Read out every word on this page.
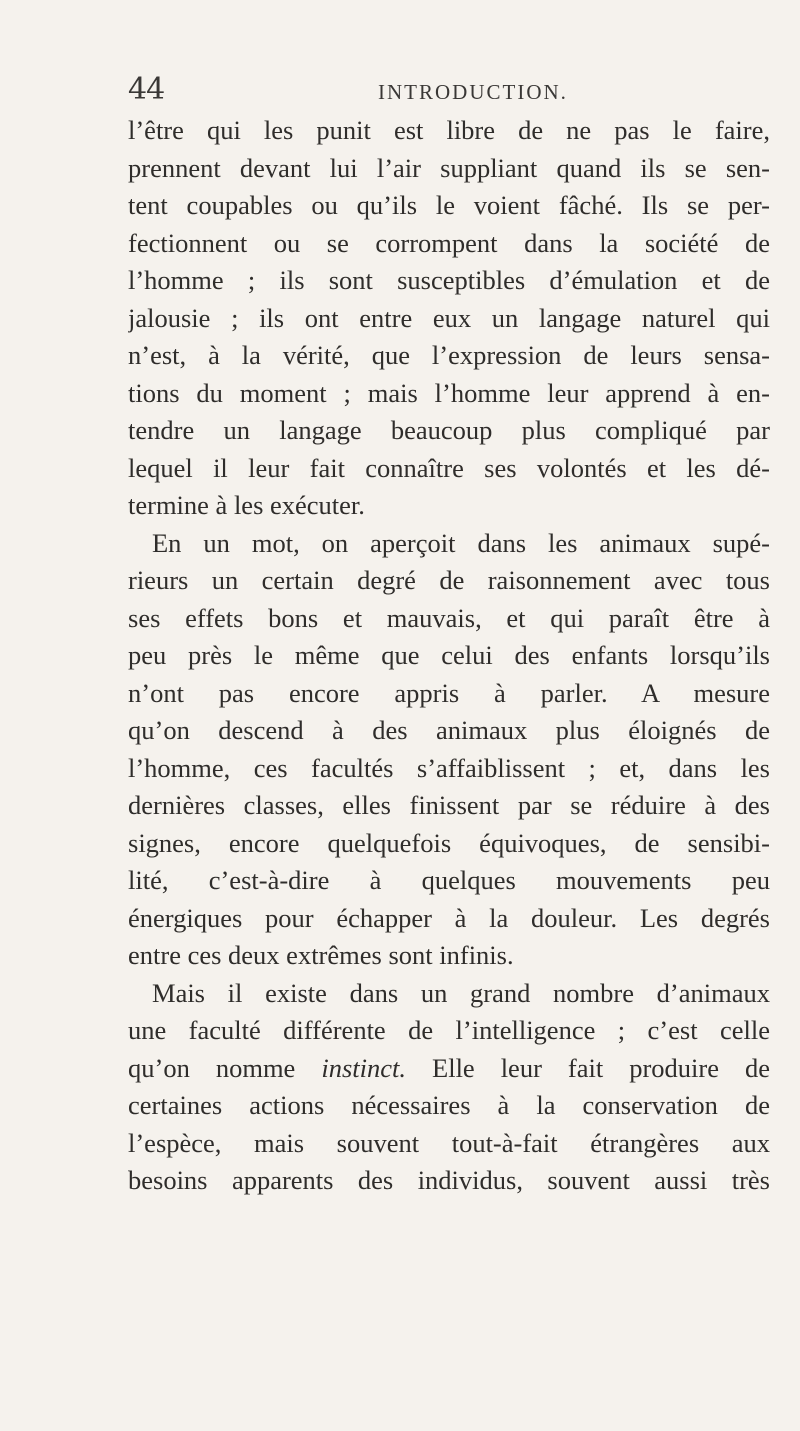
44	INTRODUCTION.
l’être qui les punit est libre de ne pas le faire,
prennent devant lui l’air suppliant quand ils se sen-
tent coupables ou qu’ils le voient fâché. Ils se per-
fectionnent ou se corrompent dans la société de
l’homme ; ils sont susceptibles d’émulation et de
jalousie ; ils ont entre eux un langage naturel qui
n’est, à la vérité, que l’expression de leurs sensa-
tions du moment ; mais l’homme leur apprend à en-
tendre un langage beaucoup plus compliqué par
lequel il leur fait connaître ses volontés et les dé-
termine à les exécuter.
En un mot, on aperçoit dans les animaux supé-
rieurs un certain degré de raisonnement avec tous
ses effets bons et mauvais, et qui paraît être à
peu près le même que celui des enfants lorsqu’ils
n’ont pas encore appris à parler. A mesure
qu’on descend à des animaux plus éloignés de
l’homme, ces facultés s’affaiblissent ; et, dans les
dernières classes, elles finissent par se réduire à des
signes, encore quelquefois équivoques, de sensibi-
lité, c’est-à-dire à quelques mouvements peu
énergiques pour échapper à la douleur. Les degrés
entre ces deux extrêmes sont infinis.
Mais il existe dans un grand nombre d’animaux
une faculté différente de l’intelligence ; c’est celle
qu’on nomme instinct. Elle leur fait produire de
certaines actions nécessaires à la conservation de
l’espèce, mais souvent tout-à-fait étrangères aux
besoins apparents des individus, souvent aussi très
